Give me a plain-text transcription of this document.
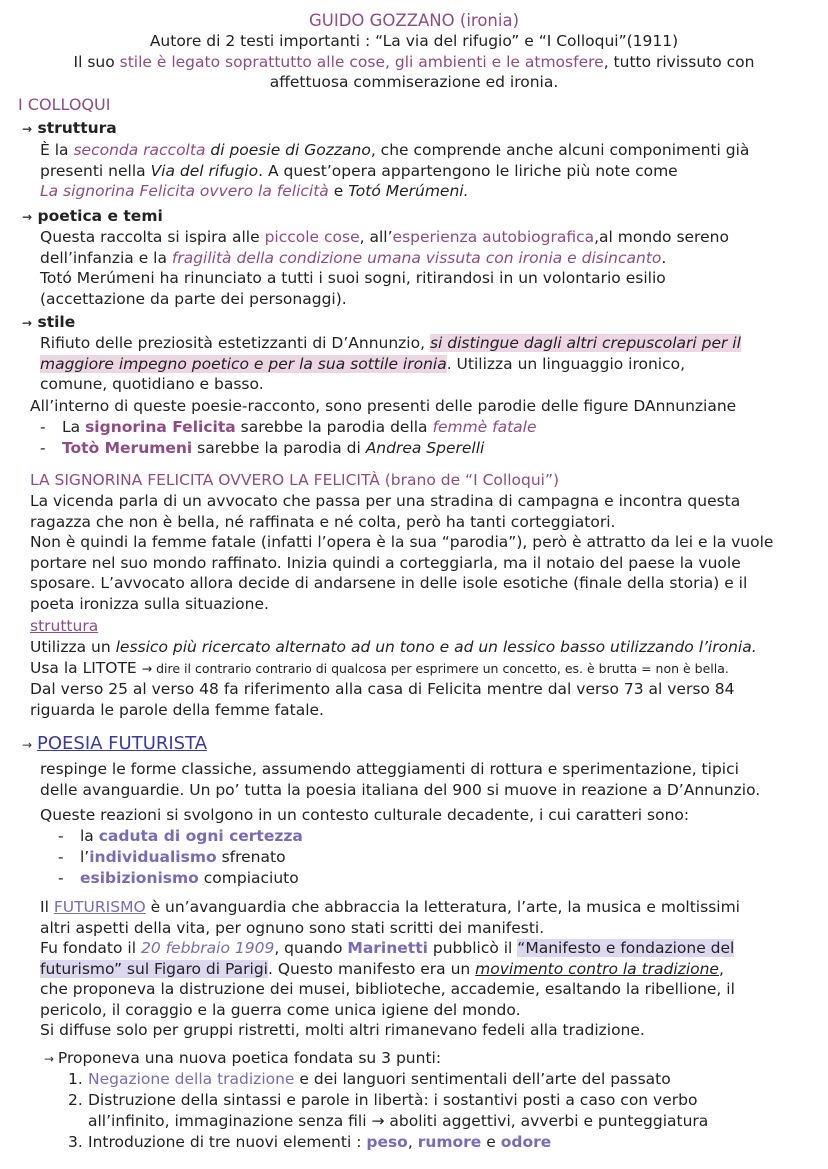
GUIDO GOZZANO (ironia)
Autore di 2 testi importanti : “La via del rifugio” e “I Colloqui”(1911)
Il suo stile è legato soprattutto alle cose, gli ambienti e le atmosfere, tutto rivissuto con
affettuosa commiserazione ed ironia.
I COLLOQUI
→ struttura
È la seconda raccolta di poesie di Gozzano, che comprende anche alcuni componimenti già
presenti nella Via del rifugio. A quest’opera appartengono le liriche più note come
La signorina Felicita ovvero la felicità e Totó Merúmeni.
→ poetica e temi
Questa raccolta si ispira alle piccole cose, all’esperienza autobiografica,al mondo sereno
dell’infanzia e la fragilità della condizione umana vissuta con ironia e disincanto.
Totó Merúmeni ha rinunciato a tutti i suoi sogni, ritirandosi in un volontario esilio
(accettazione da parte dei personaggi).
→ stile
Rifiuto delle preziosità estetizzanti di D’Annunzio, si distingue dagli altri crepuscolari per il
maggiore impegno poetico e per la sua sottile ironia. Utilizza un linguaggio ironico,
comune, quotidiano e basso.
All’interno di queste poesie-racconto, sono presenti delle parodie delle figure DAnnunziane
- La signorina Felicita sarebbe la parodia della femmè fatale
- Totò Merumeni sarebbe la parodia di Andrea Sperelli
LA SIGNORINA FELICITA OVVERO LA FELICITÀ (brano de “I Colloqui”)
La vicenda parla di un avvocato che passa per una stradina di campagna e incontra questa
ragazza che non è bella, né raffinata e né colta, però ha tanti corteggiatori.
Non è quindi la femme fatale (infatti l’opera è la sua “parodia”), però è attratto da lei e la vuole
portare nel suo mondo raffinato. Inizia quindi a corteggiarla, ma il notaio del paese la vuole
sposare. L’avvocato allora decide di andarsene in delle isole esotiche (finale della storia) e il
poeta ironizza sulla situazione.
struttura
Utilizza un lessico più ricercato alternato ad un tono e ad un lessico basso utilizzando l’ironia.
Usa la LITOTE → dire il contrario contrario di qualcosa per esprimere un concetto, es. è brutta = non è bella.
Dal verso 25 al verso 48 fa riferimento alla casa di Felicita mentre dal verso 73 al verso 84
riguarda le parole della femme fatale.
→ POESIA FUTURISTA
respinge le forme classiche, assumendo atteggiamenti di rottura e sperimentazione, tipici
delle avanguardie. Un po’ tutta la poesia italiana del 900 si muove in reazione a D’Annunzio.
Queste reazioni si svolgono in un contesto culturale decadente, i cui caratteri sono:
- la caduta di ogni certezza
- l’individualismo sfrenato
- esibizionismo compiaciuto
Il FUTURISMO è un’avanguardia che abbraccia la letteratura, l’arte, la musica e moltissimi
altri aspetti della vita, per ognuno sono stati scritti dei manifesti.
Fu fondato il 20 febbraio 1909, quando Marinetti pubblicò il “Manifesto e fondazione del
futurismo” sul Figaro di Parigi. Questo manifesto era un movimento contro la tradizione,
che proponeva la distruzione dei musei, biblioteche, accademie, esaltando la ribellione, il
pericolo, il coraggio e la guerra come unica igiene del mondo.
Si diffuse solo per gruppi ristretti, molti altri rimanevano fedeli alla tradizione.
→ Proponeva una nuova poetica fondata su 3 punti:
1. Negazione della tradizione e dei languori sentimentali dell’arte del passato
2. Distruzione della sintassi e parole in libertà: i sostantivi posti a caso con verbo
all’infinito, immaginazione senza fili → aboliti aggettivi, avverbi e punteggiatura
3. Introduzione di tre nuovi elementi : peso, rumore e odore
